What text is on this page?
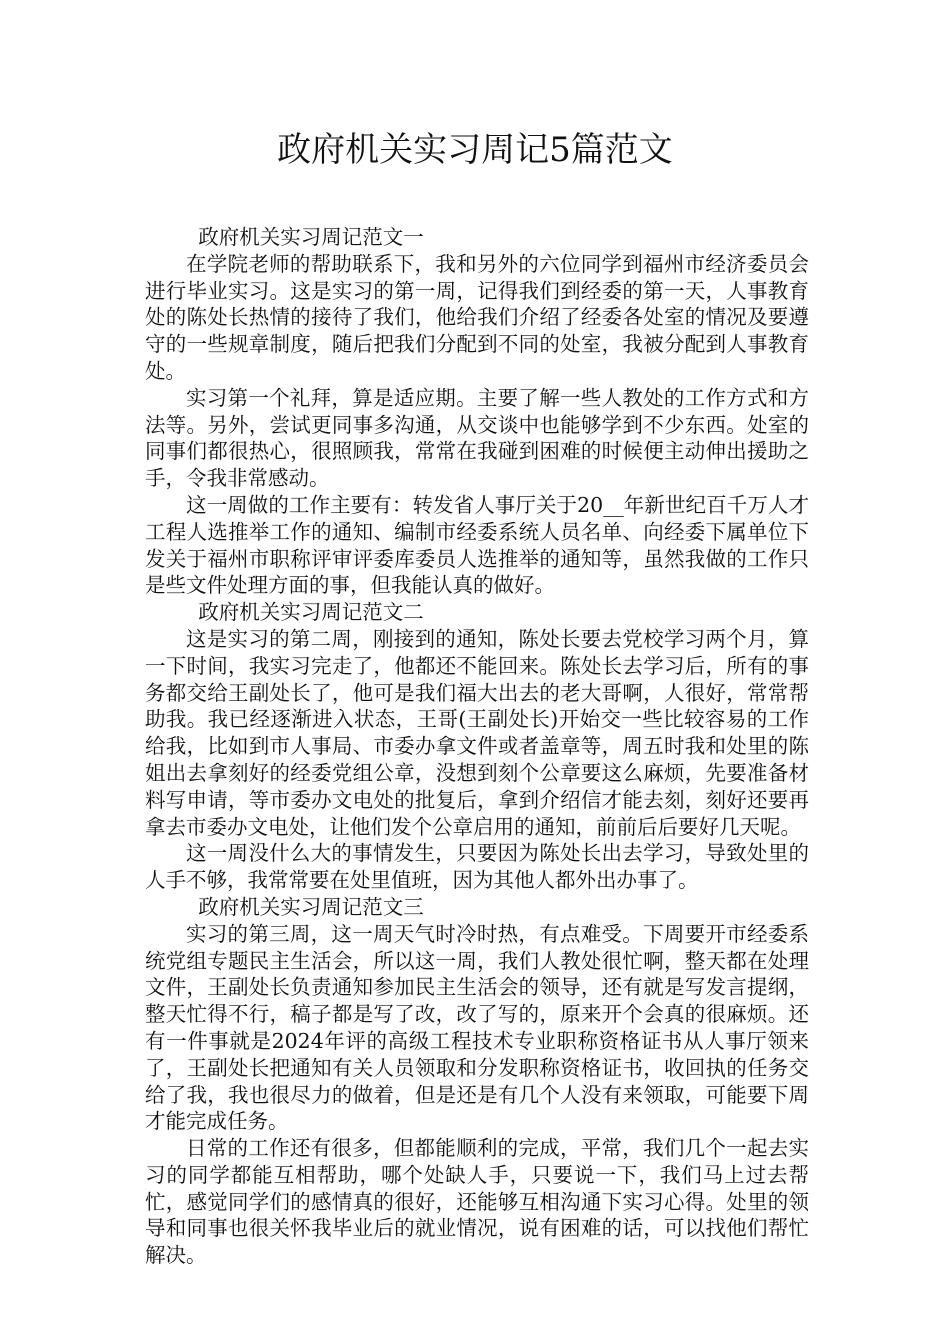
政府机关实习周记5篇范文

政府机关实习周记范文一

在学院老师的帮助联系下，我和另外的六位同学到福州市经济委员会进行毕业实习。这是实习的第一周，记得我们到经委的第一天，人事教育处的陈处长热情的接待了我们，他给我们介绍了经委各处室的情况及要遵守的一些规章制度，随后把我们分配到不同的处室，我被分配到人事教育处。

实习第一个礼拜，算是适应期。主要了解一些人教处的工作方式和方法等。另外，尝试更同事多沟通，从交谈中也能够学到不少东西。处室的同事们都很热心，很照顾我，常常在我碰到困难的时候便主动伸出援助之手，令我非常感动。

这一周做的工作主要有：转发省人事厅关于20__年新世纪百千万人才工程人选推举工作的通知、编制市经委系统人员名单、向经委下属单位下发关于福州市职称评审评委库委员人选推举的通知等，虽然我做的工作只是些文件处理方面的事，但我能认真的做好。

政府机关实习周记范文二

这是实习的第二周，刚接到的通知，陈处长要去党校学习两个月，算一下时间，我实习完走了，他都还不能回来。陈处长去学习后，所有的事务都交给王副处长了，他可是我们福大出去的老大哥啊，人很好，常常帮助我。我已经逐渐进入状态，王哥(王副处长)开始交一些比较容易的工作给我，比如到市人事局、市委办拿文件或者盖章等，周五时我和处里的陈姐出去拿刻好的经委党组公章，没想到刻个公章要这么麻烦，先要准备材料写申请，等市委办文电处的批复后，拿到介绍信才能去刻，刻好还要再拿去市委办文电处，让他们发个公章启用的通知，前前后后要好几天呢。

这一周没什么大的事情发生，只要因为陈处长出去学习，导致处里的人手不够，我常常要在处里值班，因为其他人都外出办事了。

政府机关实习周记范文三

实习的第三周，这一周天气时冷时热，有点难受。下周要开市经委系统党组专题民主生活会，所以这一周，我们人教处很忙啊，整天都在处理文件，王副处长负责通知参加民主生活会的领导，还有就是写发言提纲，整天忙得不行，稿子都是写了改，改了写的，原来开个会真的很麻烦。还有一件事就是2024年评的高级工程技术专业职称资格证书从人事厅领来了，王副处长把通知有关人员领取和分发职称资格证书，收回执的任务交给了我，我也很尽力的做着，但是还是有几个人没有来领取，可能要下周才能完成任务。

日常的工作还有很多，但都能顺利的完成，平常，我们几个一起去实习的同学都能互相帮助，哪个处缺人手，只要说一下，我们马上过去帮忙，感觉同学们的感情真的很好，还能够互相沟通下实习心得。处里的领导和同事也很关怀我毕业后的就业情况，说有困难的话，可以找他们帮忙解决。
